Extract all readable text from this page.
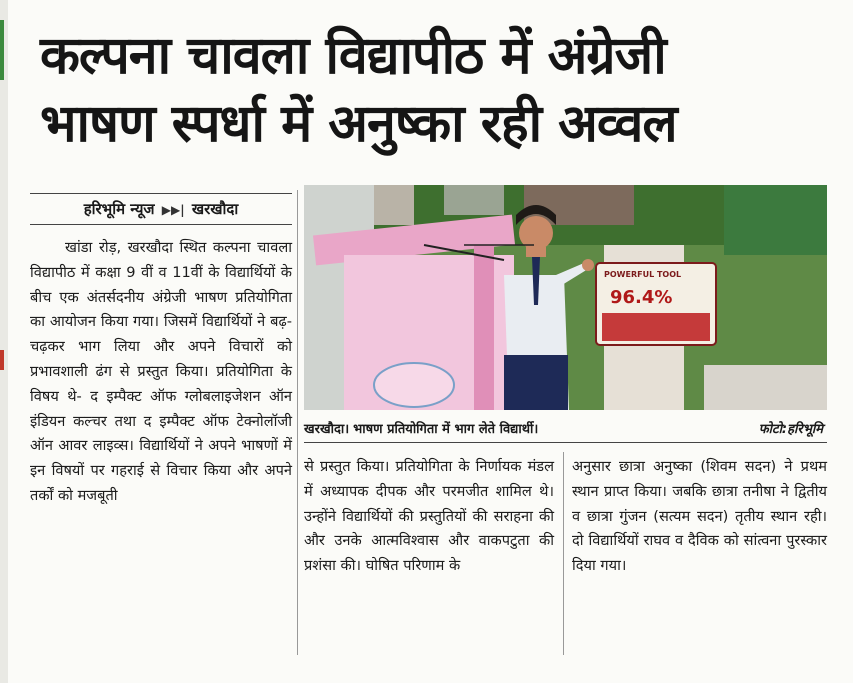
कल्पना चावला विद्यापीठ में अंग्रेजी
भाषण स्पर्धा में अनुष्का रही अव्वल
हरिभूमि न्यूज ▶▶| खरखौदा

खांडा रोड़, खरखौदा स्थित कल्पना चावला विद्यापीठ में कक्षा 9 वीं व 11वीं के विद्यार्थियों के बीच एक अंतर्सदनीय अंग्रेजी भाषण प्रतियोगिता का आयोजन किया गया। जिसमें विद्यार्थियों ने बढ़-चढ़कर भाग लिया और अपने विचारों को प्रभावशाली ढंग से प्रस्तुत किया। प्रतियोगिता के विषय थे- द इम्पैक्ट ऑफ ग्लोबलाइजेशन ऑन इंडियन कल्चर तथा द इम्पैक्ट ऑफ टेक्नोलॉजी ऑन आवर लाइव्स। विद्यार्थियों ने अपने भाषणों में इन विषयों पर गहराई से विचार किया और अपने तर्कों को मजबूती

POWERFUL TOOL
96.4%
खरखौदा। भाषण प्रतियोगिता में भाग लेते विद्यार्थी।	फोटो:हरिभूमि

से प्रस्तुत किया। प्रतियोगिता के निर्णायक मंडल में अध्यापक दीपक और परमजीत शामिल थे। उन्होंने विद्यार्थियों की प्रस्तुतियों की सराहना की और उनके आत्मविश्वास और वाकपटुता की प्रशंसा की। घोषित परिणाम के

अनुसार छात्रा अनुष्का (शिवम सदन) ने प्रथम स्थान प्राप्त किया। जबकि छात्रा तनीषा ने द्वितीय व छात्रा गुंजन (सत्यम सदन) तृतीय स्थान रही। दो विद्यार्थियों राघव व दैविक को सांत्वना पुरस्कार दिया गया।
